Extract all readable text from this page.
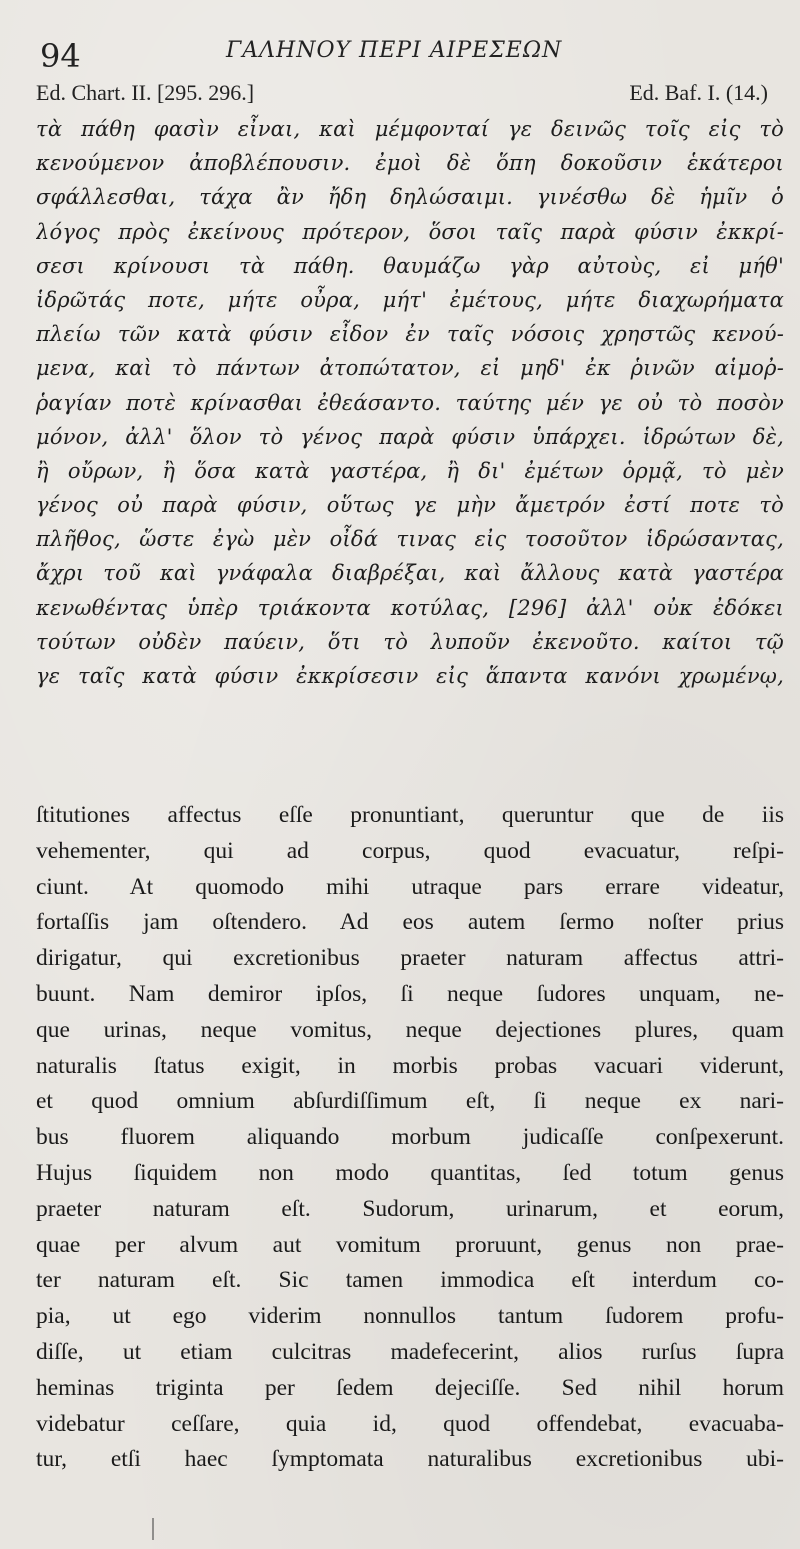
94	ΓΑΛΗΝΟΥ ΠΕΡΙ ΑΙΡΕΣΕΩΝ
Ed. Chart. II. [295. 296.]	Ed. Baf. I. (14.)
τὰ πάθη φασὶν εἶναι, καὶ μέμφονταί γε δεινῶς τοῖς εἰς τὸ
κενούμενον ἀποβλέπουσιν. ἐμοὶ δὲ ὅπη δοκοῦσιν ἑκάτεροι
σφάλλεσθαι, τάχα ἂν ἤδη δηλώσαιμι. γινέσθω δὲ ἡμῖν ὁ
λόγος πρὸς ἐκείνους πρότερον, ὅσοι ταῖς παρὰ φύσιν ἐκκρί-
σεσι κρίνουσι τὰ πάθη. θαυμάζω γὰρ αὐτοὺς, εἰ μήθ'
ἱδρῶτάς ποτε, μήτε οὖρα, μήτ' ἐμέτους, μήτε διαχωρήματα
πλείω τῶν κατὰ φύσιν εἶδον ἐν ταῖς νόσοις χρηστῶς κενού-
μενα, καὶ τὸ πάντων ἀτοπώτατον, εἰ μηδ' ἐκ ῥινῶν αἱμοῤ-
ῥαγίαν ποτὲ κρίνασθαι ἐθεάσαντο. ταύτης μέν γε οὐ τὸ ποσὸν
μόνον, ἀλλ' ὅλον τὸ γένος παρὰ φύσιν ὑπάρχει. ἱδρώτων δὲ,
ἢ οὔρων, ἢ ὅσα κατὰ γαστέρα, ἢ δι' ἐμέτων ὁρμᾷ, τὸ μὲν
γένος οὐ παρὰ φύσιν, οὕτως γε μὴν ἄμετρόν ἐστί ποτε τὸ
πλῆθος, ὥστε ἐγὼ μὲν οἶδά τινας εἰς τοσοῦτον ἱδρώσαντας,
ἄχρι τοῦ καὶ γνάφαλα διαβρέξαι, καὶ ἄλλους κατὰ γαστέρα
κενωθέντας ὑπὲρ τριάκοντα κοτύλας, [296] ἀλλ' οὐκ ἐδόκει
τούτων οὐδὲν παύειν, ὅτι τὸ λυποῦν ἐκενοῦτο. καίτοι τῷ
γε ταῖς κατὰ φύσιν ἐκκρίσεσιν εἰς ἅπαντα κανόνι χρωμένῳ,
ſtitutiones affectus eſſe pronuntiant, queruntur que de iis
vehementer, qui ad corpus, quod evacuatur, reſpi-
ciunt. At quomodo mihi utraque pars errare videatur,
fortaſſis jam oſtendero. Ad eos autem ſermo noſter prius
dirigatur, qui excretionibus praeter naturam affectus attri-
buunt. Nam demiror ipſos, ſi neque ſudores unquam, ne-
que urinas, neque vomitus, neque dejectiones plures, quam
naturalis ſtatus exigit, in morbis probas vacuari viderunt,
et quod omnium abſurdiſſimum eſt, ſi neque ex nari-
bus fluorem aliquando morbum judicaſſe conſpexerunt.
Hujus ſiquidem non modo quantitas, ſed totum genus
praeter naturam eſt. Sudorum, urinarum, et eorum,
quae per alvum aut vomitum proruunt, genus non prae-
ter naturam eſt. Sic tamen immodica eſt interdum co-
pia, ut ego viderim nonnullos tantum ſudorem profu-
diſſe, ut etiam culcitras madefecerint, alios rurſus ſupra
heminas triginta per ſedem dejeciſſe. Sed nihil horum
videbatur ceſſare, quia id, quod offendebat, evacuaba-
tur, etſi haec ſymptomata naturalibus excretionibus ubi-
